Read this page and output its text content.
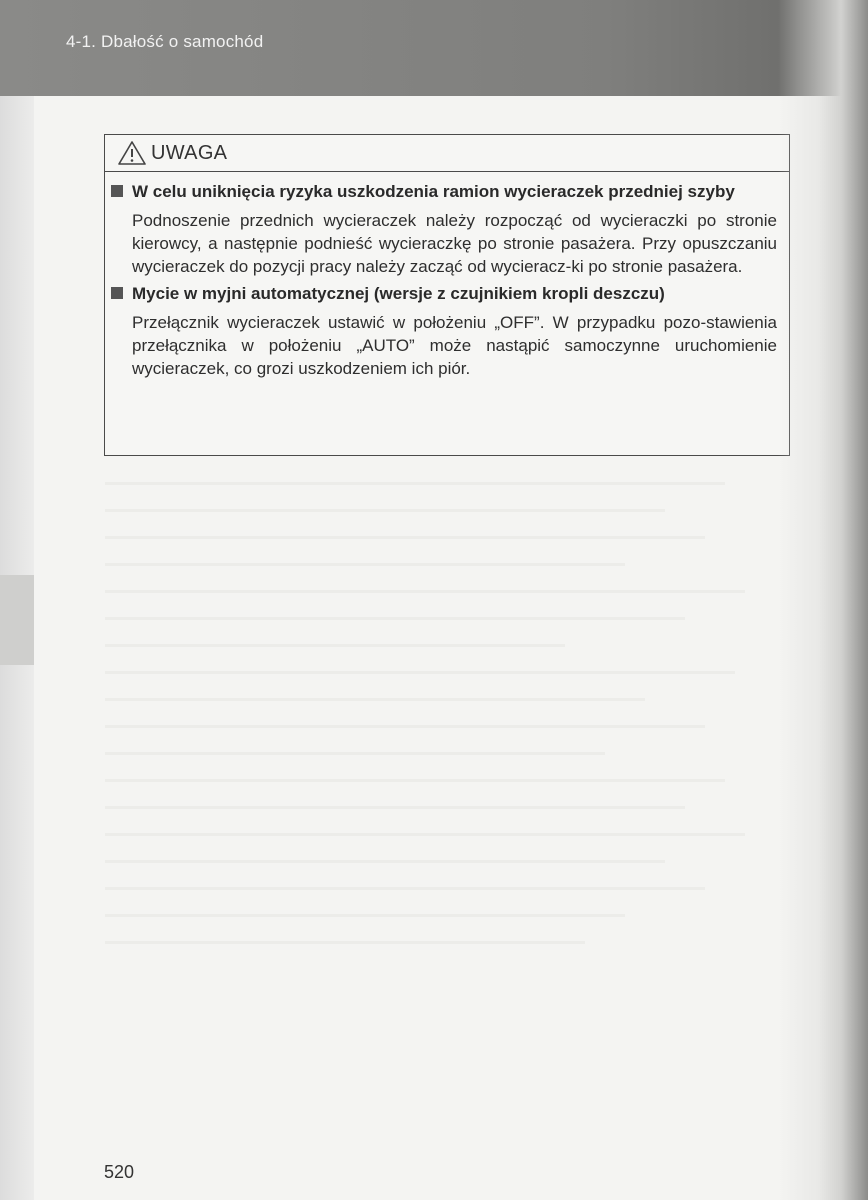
4-1. Dbałość o samochód
UWAGA
W celu uniknięcia ryzyka uszkodzenia ramion wycieraczek przedniej szyby
Podnoszenie przednich wycieraczek należy rozpocząć od wycieraczki po stronie kierowcy, a następnie podnieść wycieraczkę po stronie pasażera. Przy opuszczaniu wycieraczek do pozycji pracy należy zacząć od wycieracz-ki po stronie pasażera.
Mycie w myjni automatycznej (wersje z czujnikiem kropli deszczu)
Przełącznik wycieraczek ustawić w położeniu „OFF”. W przypadku pozo-stawienia przełącznika w położeniu „AUTO” może nastąpić samoczynne uruchomienie wycieraczek, co grozi uszkodzeniem ich piór.
520
